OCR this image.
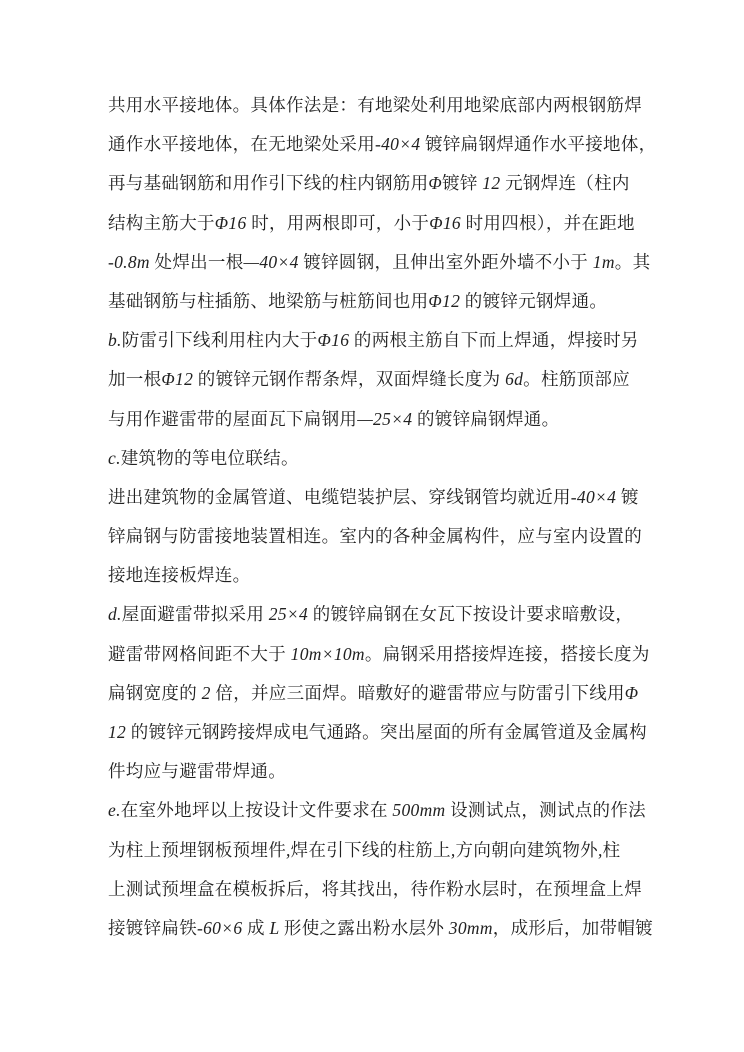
共用水平接地体。具体作法是：有地梁处利用地梁底部内两根钢筋焊
通作水平接地体，在无地梁处采用-40×4 镀锌扁钢焊通作水平接地体，
再与基础钢筋和用作引下线的柱内钢筋用Φ镀锌 12 元钢焊连（柱内
结构主筋大于Φ16 时，用两根即可，小于Φ16 时用四根），并在距地
-0.8m 处焊出一根—40×4 镀锌圆钢，且伸出室外距外墙不小于 1m。其
基础钢筋与柱插筋、地梁筋与桩筋间也用Φ12 的镀锌元钢焊通。
b.防雷引下线利用柱内大于Φ16 的两根主筋自下而上焊通，焊接时另
加一根Φ12 的镀锌元钢作帮条焊，双面焊缝长度为 6d。柱筋顶部应
与用作避雷带的屋面瓦下扁钢用—25×4 的镀锌扁钢焊通。
c.建筑物的等电位联结。
进出建筑物的金属管道、电缆铠装护层、穿线钢管均就近用-40×4 镀
锌扁钢与防雷接地装置相连。室内的各种金属构件，应与室内设置的
接地连接板焊连。
d.屋面避雷带拟采用 25×4 的镀锌扁钢在女瓦下按设计要求暗敷设，
避雷带网格间距不大于 10m×10m。扁钢采用搭接焊连接，搭接长度为
扁钢宽度的 2 倍，并应三面焊。暗敷好的避雷带应与防雷引下线用Φ
12 的镀锌元钢跨接焊成电气通路。突出屋面的所有金属管道及金属构
件均应与避雷带焊通。
e.在室外地坪以上按设计文件要求在 500mm 设测试点，测试点的作法
为柱上预埋钢板预埋件,焊在引下线的柱筋上,方向朝向建筑物外,柱
上测试预埋盒在模板拆后，将其找出，待作粉水层时，在预埋盒上焊
接镀锌扁铁-60×6 成 L 形使之露出粉水层外 30mm，成形后，加带帽镀
